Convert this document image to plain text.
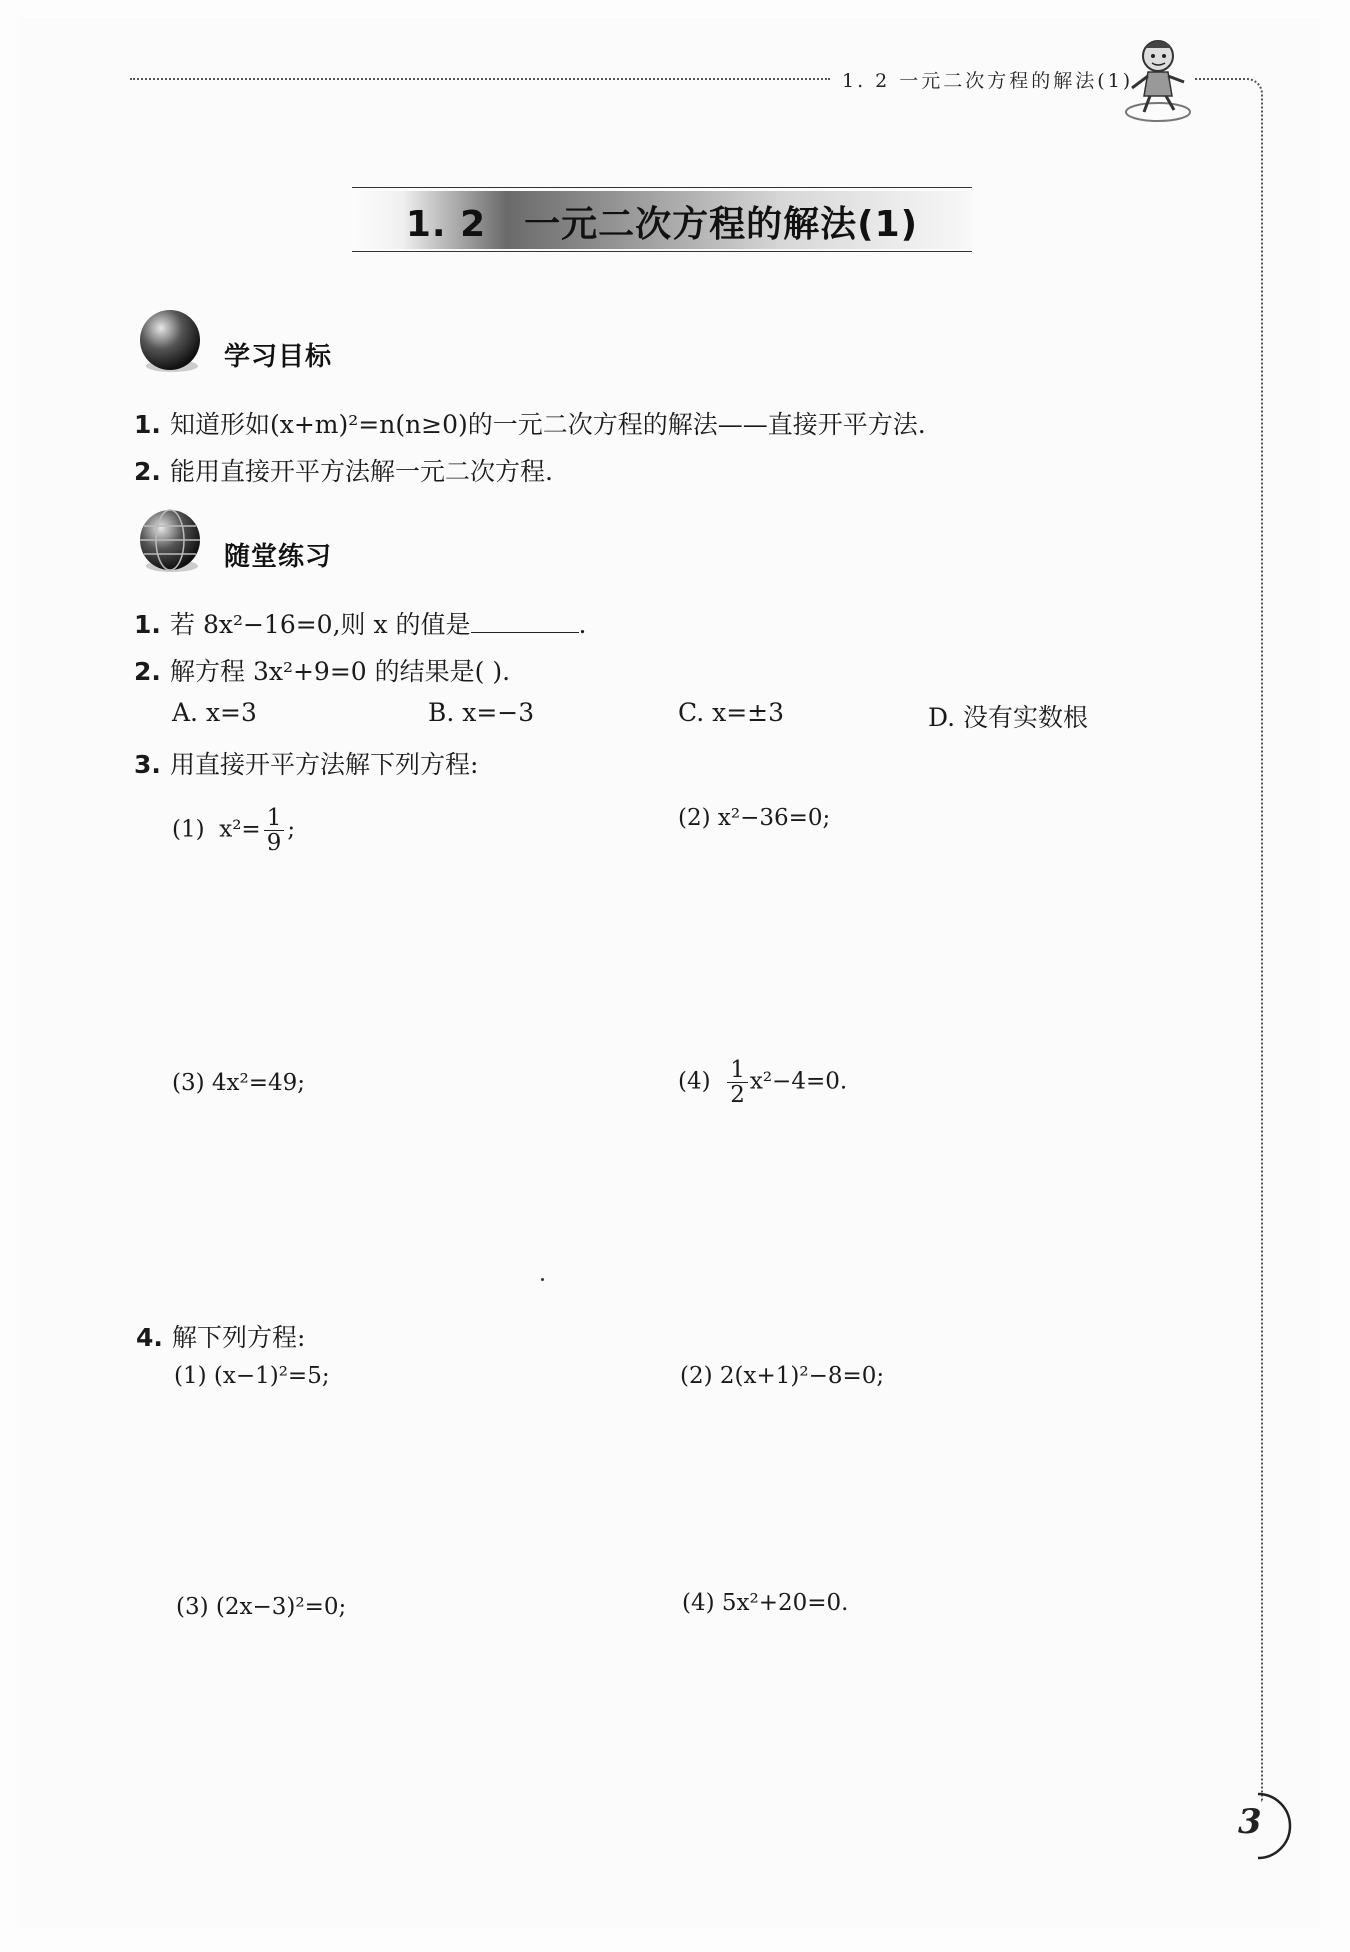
1. 2 一元二次方程的解法(1)
3
1. 2 一元二次方程的解法(1)
学习目标
1. 知道形如(x+m)²=n(n≥0)的一元二次方程的解法——直接开平方法.
2. 能用直接开平方法解一元二次方程.
随堂练习
1. 若 8x²−16=0,则 x 的值是	.
2. 解方程 3x²+9=0 的结果是( ).
A. x=3	B. x=−3	C. x=±3	D. 没有实数根
3. 用直接开平方法解下列方程:
(1) $x^2= \frac{1}{9}$ ;	(2) x²−36=0;
(3) 4x²=49;	$(4) \frac{1}{2} x^2-4=0$.
4. 解下列方程:
(1) (x−1)²=5;	(2) 2(x+1)²−8=0;
(3) (2x−3)²=0;	(4) 5x²+20=0.
